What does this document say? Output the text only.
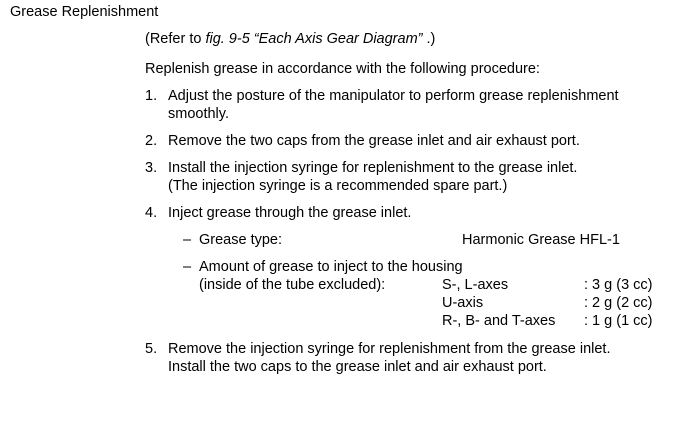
Grease Replenishment
(Refer to fig. 9-5 “Each Axis Gear Diagram” .)
Replenish grease in accordance with the following procedure:
1. Adjust the posture of the manipulator to perform grease replenishment
smoothly.
2. Remove the two caps from the grease inlet and air exhaust port.
3. Install the injection syringe for replenishment to the grease inlet.
(The injection syringe is a recommended spare part.)
4. Inject grease through the grease inlet.
– Grease type:	Harmonic Grease HFL-1
– Amount of grease to inject to the housing
(inside of the tube excluded):	S-, L-axes	: 3 g (3 cc)
U-axis	: 2 g (2 cc)
R-, B- and T-axes	: 1 g (1 cc)
5. Remove the injection syringe for replenishment from the grease inlet.
Install the two caps to the grease inlet and air exhaust port.
